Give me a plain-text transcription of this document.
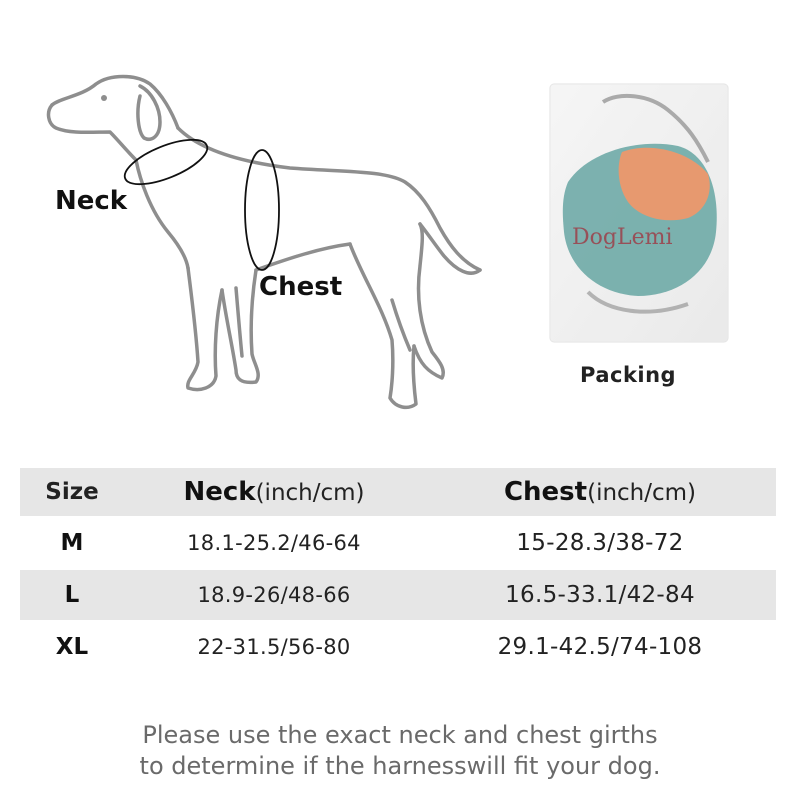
Neck
Chest
DogLemi
Packing
Size	Neck(inch/cm)	Chest(inch/cm)
M	18.1-25.2/46-64	15-28.3/38-72
L	18.9-26/48-66	16.5-33.1/42-84
XL	22-31.5/56-80	29.1-42.5/74-108
Please use the exact neck and chest girths
to determine if the harnesswill fit your dog.
